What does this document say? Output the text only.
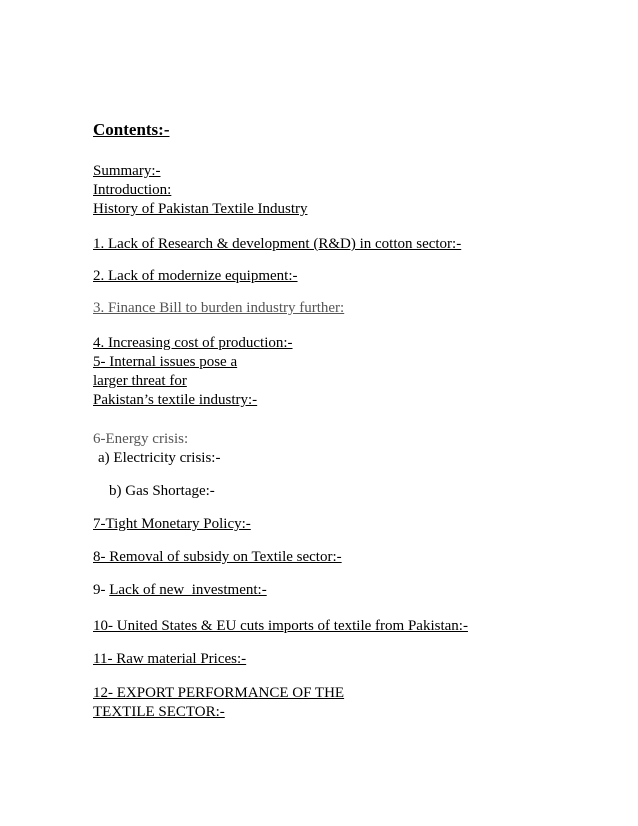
Contents:-
Summary:-
Introduction:
History of Pakistan Textile Industry
1. Lack of Research & development (R&D) in cotton sector:-
2. Lack of modernize equipment:-
3. Finance Bill to burden industry further:
4. Increasing cost of production:-
5- Internal issues pose a
larger threat for
Pakistan’s textile industry:-
6-Energy crisis:
a) Electricity crisis:-
b) Gas Shortage:-
7-Tight Monetary Policy:-
8- Removal of subsidy on Textile sector:-
9- Lack of new  investment:-
10- United States & EU cuts imports of textile from Pakistan:-
11- Raw material Prices:-
12- EXPORT PERFORMANCE OF THE
TEXTILE SECTOR:-
